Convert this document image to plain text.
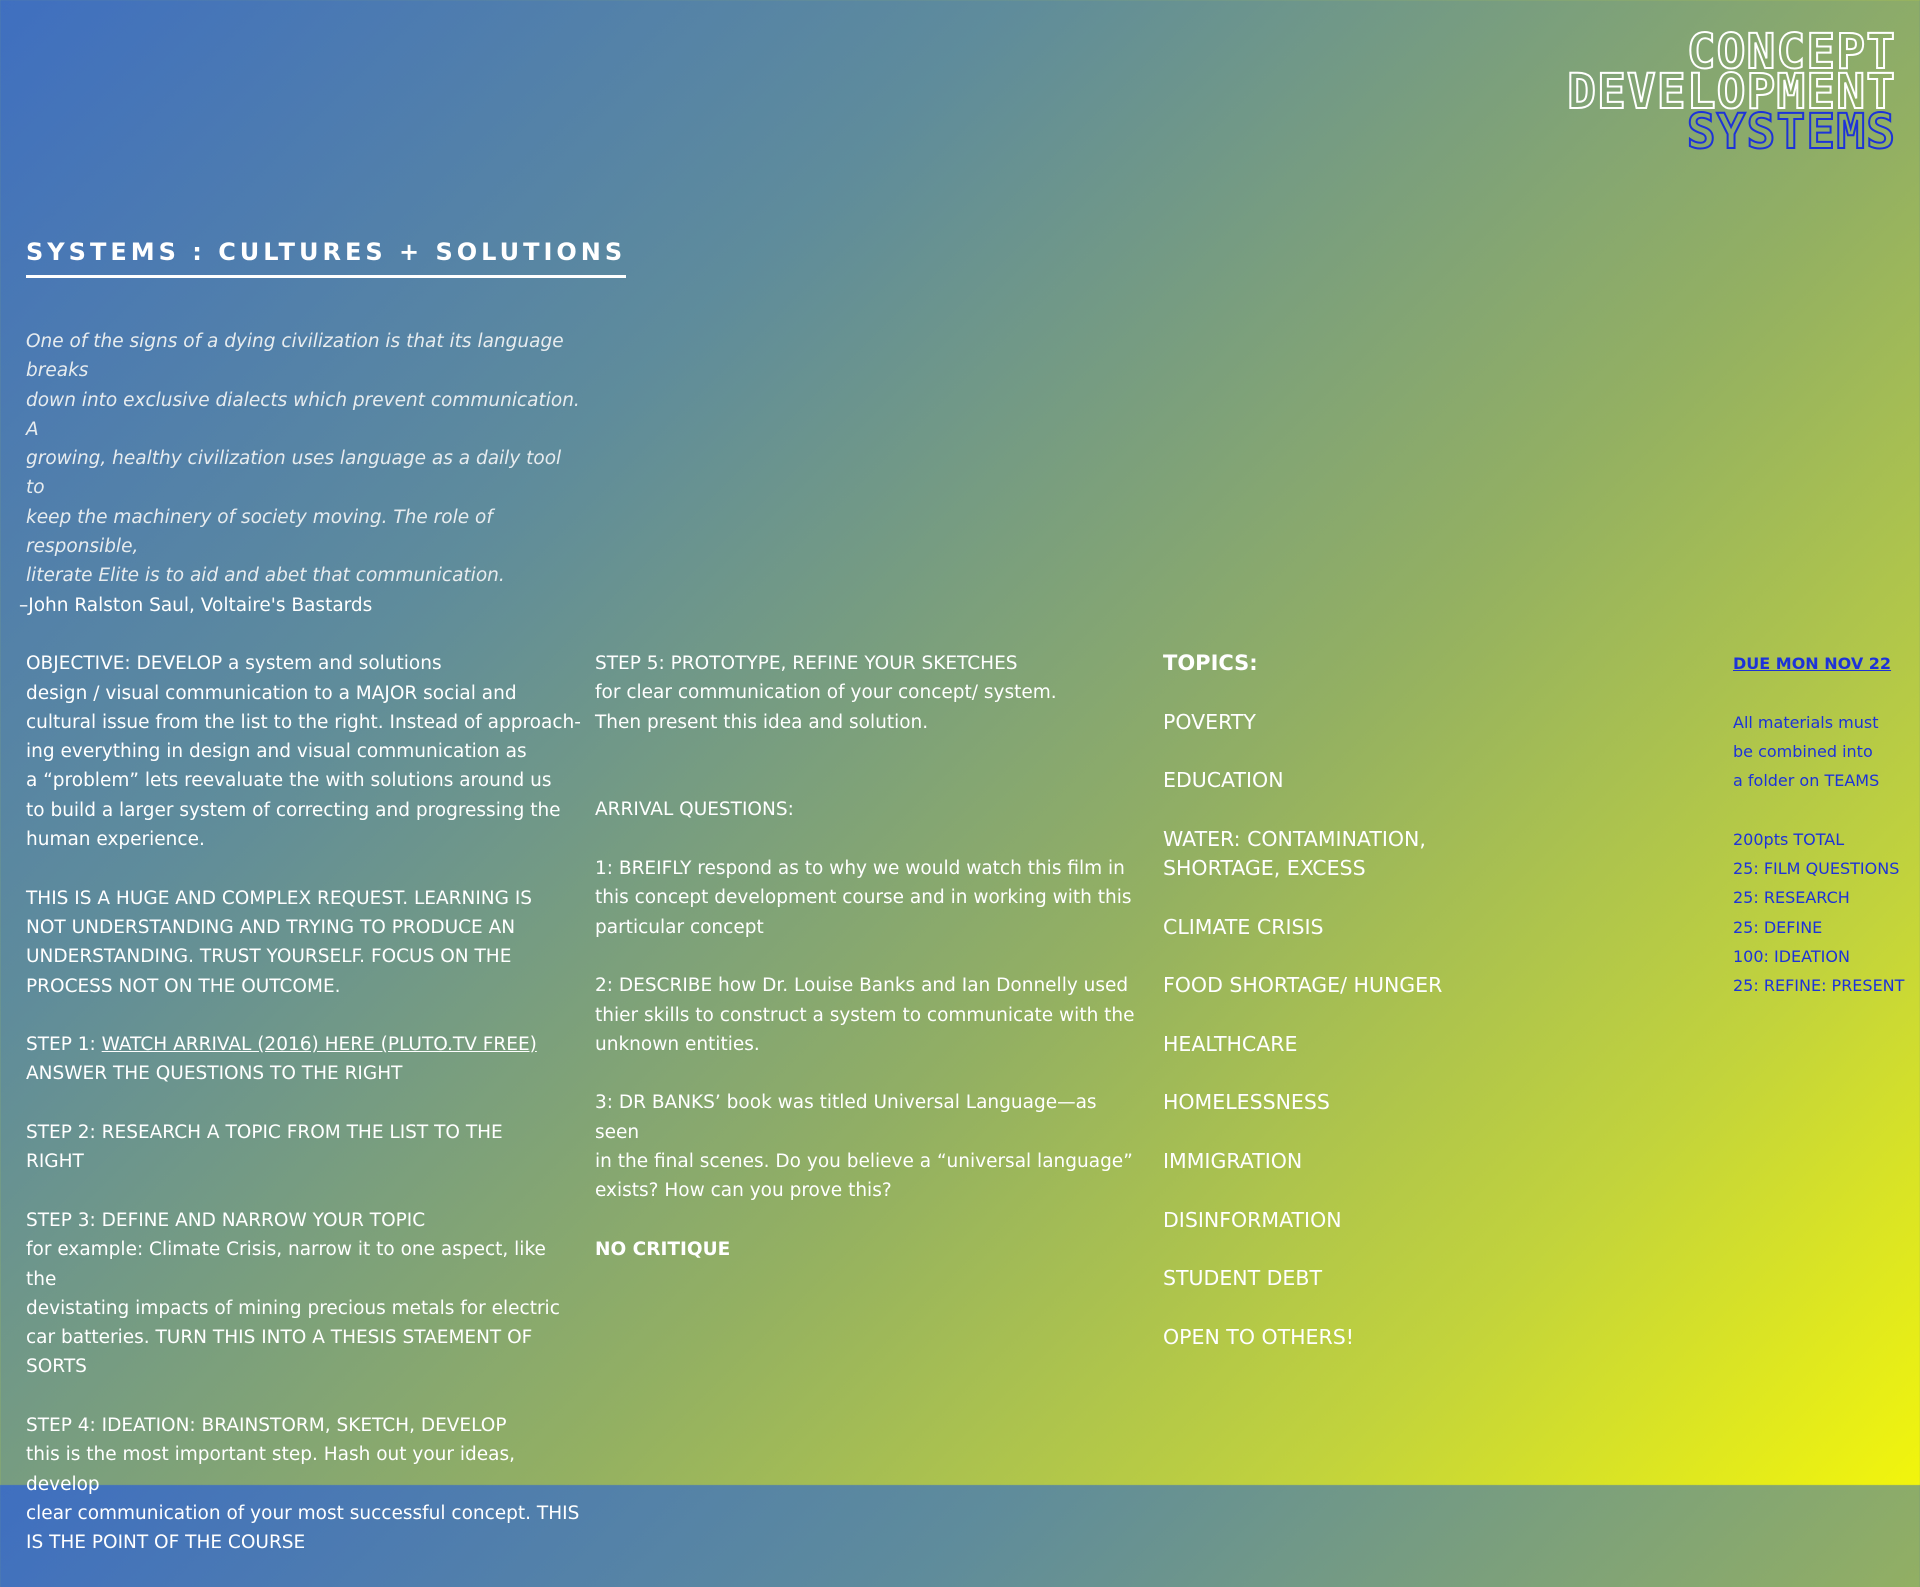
CONCEPT
DEVELOPMENT
SYSTEMS
SYSTEMS : CULTURES + SOLUTIONS

One of the signs of a dying civilization is that its language breaks
down into exclusive dialects which prevent communication. A
growing, healthy civilization uses language as a daily tool to
keep the machinery of society moving. The role of responsible,
literate Elite is to aid and abet that communication.

–John Ralston Saul, Voltaire's Bastards

OBJECTIVE: DEVELOP a system and solutions
design / visual communication to a MAJOR social and
cultural issue from the list to the right. Instead of approach-
ing everything in design and visual communication as
a “problem” lets reevaluate the with solutions around us
to build a larger system of correcting and progressing the
human experience.

THIS IS A HUGE AND COMPLEX REQUEST. LEARNING IS
NOT UNDERSTANDING AND TRYING TO PRODUCE AN
UNDERSTANDING. TRUST YOURSELF. FOCUS ON THE
PROCESS NOT ON THE OUTCOME.

STEP 1: WATCH ARRIVAL (2016) HERE (PLUTO.TV FREE)
ANSWER THE QUESTIONS TO THE RIGHT

STEP 2: RESEARCH A TOPIC FROM THE LIST TO THE
RIGHT

STEP 3: DEFINE AND NARROW YOUR TOPIC
for example: Climate Crisis, narrow it to one aspect, like the
devistating impacts of mining precious metals for electric
car batteries. TURN THIS INTO A THESIS STAEMENT OF
SORTS

STEP 4: IDEATION: BRAINSTORM, SKETCH, DEVELOP
this is the most important step. Hash out your ideas, develop
clear communication of your most successful concept. THIS
IS THE POINT OF THE COURSE

STEP 5: PROTOTYPE, REFINE YOUR SKETCHES
for clear communication of your concept/ system.
Then present this idea and solution.

ARRIVAL QUESTIONS:

1: BREIFLY respond as to why we would watch this film in
this concept development course and in working with this
particular concept

2: DESCRIBE how Dr. Louise Banks and Ian Donnelly used
thier skills to construct a system to communicate with the
unknown entities.

3: DR BANKS’ book was titled Universal Language—as seen
in the final scenes. Do you believe a “universal language”
exists? How can you prove this?

NO CRITIQUE

TOPICS:

POVERTY

EDUCATION

WATER: CONTAMINATION,
SHORTAGE, EXCESS

CLIMATE CRISIS

FOOD SHORTAGE/ HUNGER

HEALTHCARE

HOMELESSNESS

IMMIGRATION

DISINFORMATION

STUDENT DEBT

OPEN TO OTHERS!

DUE MON NOV 22

All materials must
be combined into
a folder on TEAMS

200pts TOTAL
25: FILM QUESTIONS
25: RESEARCH
25: DEFINE
100: IDEATION
25: REFINE: PRESENT
